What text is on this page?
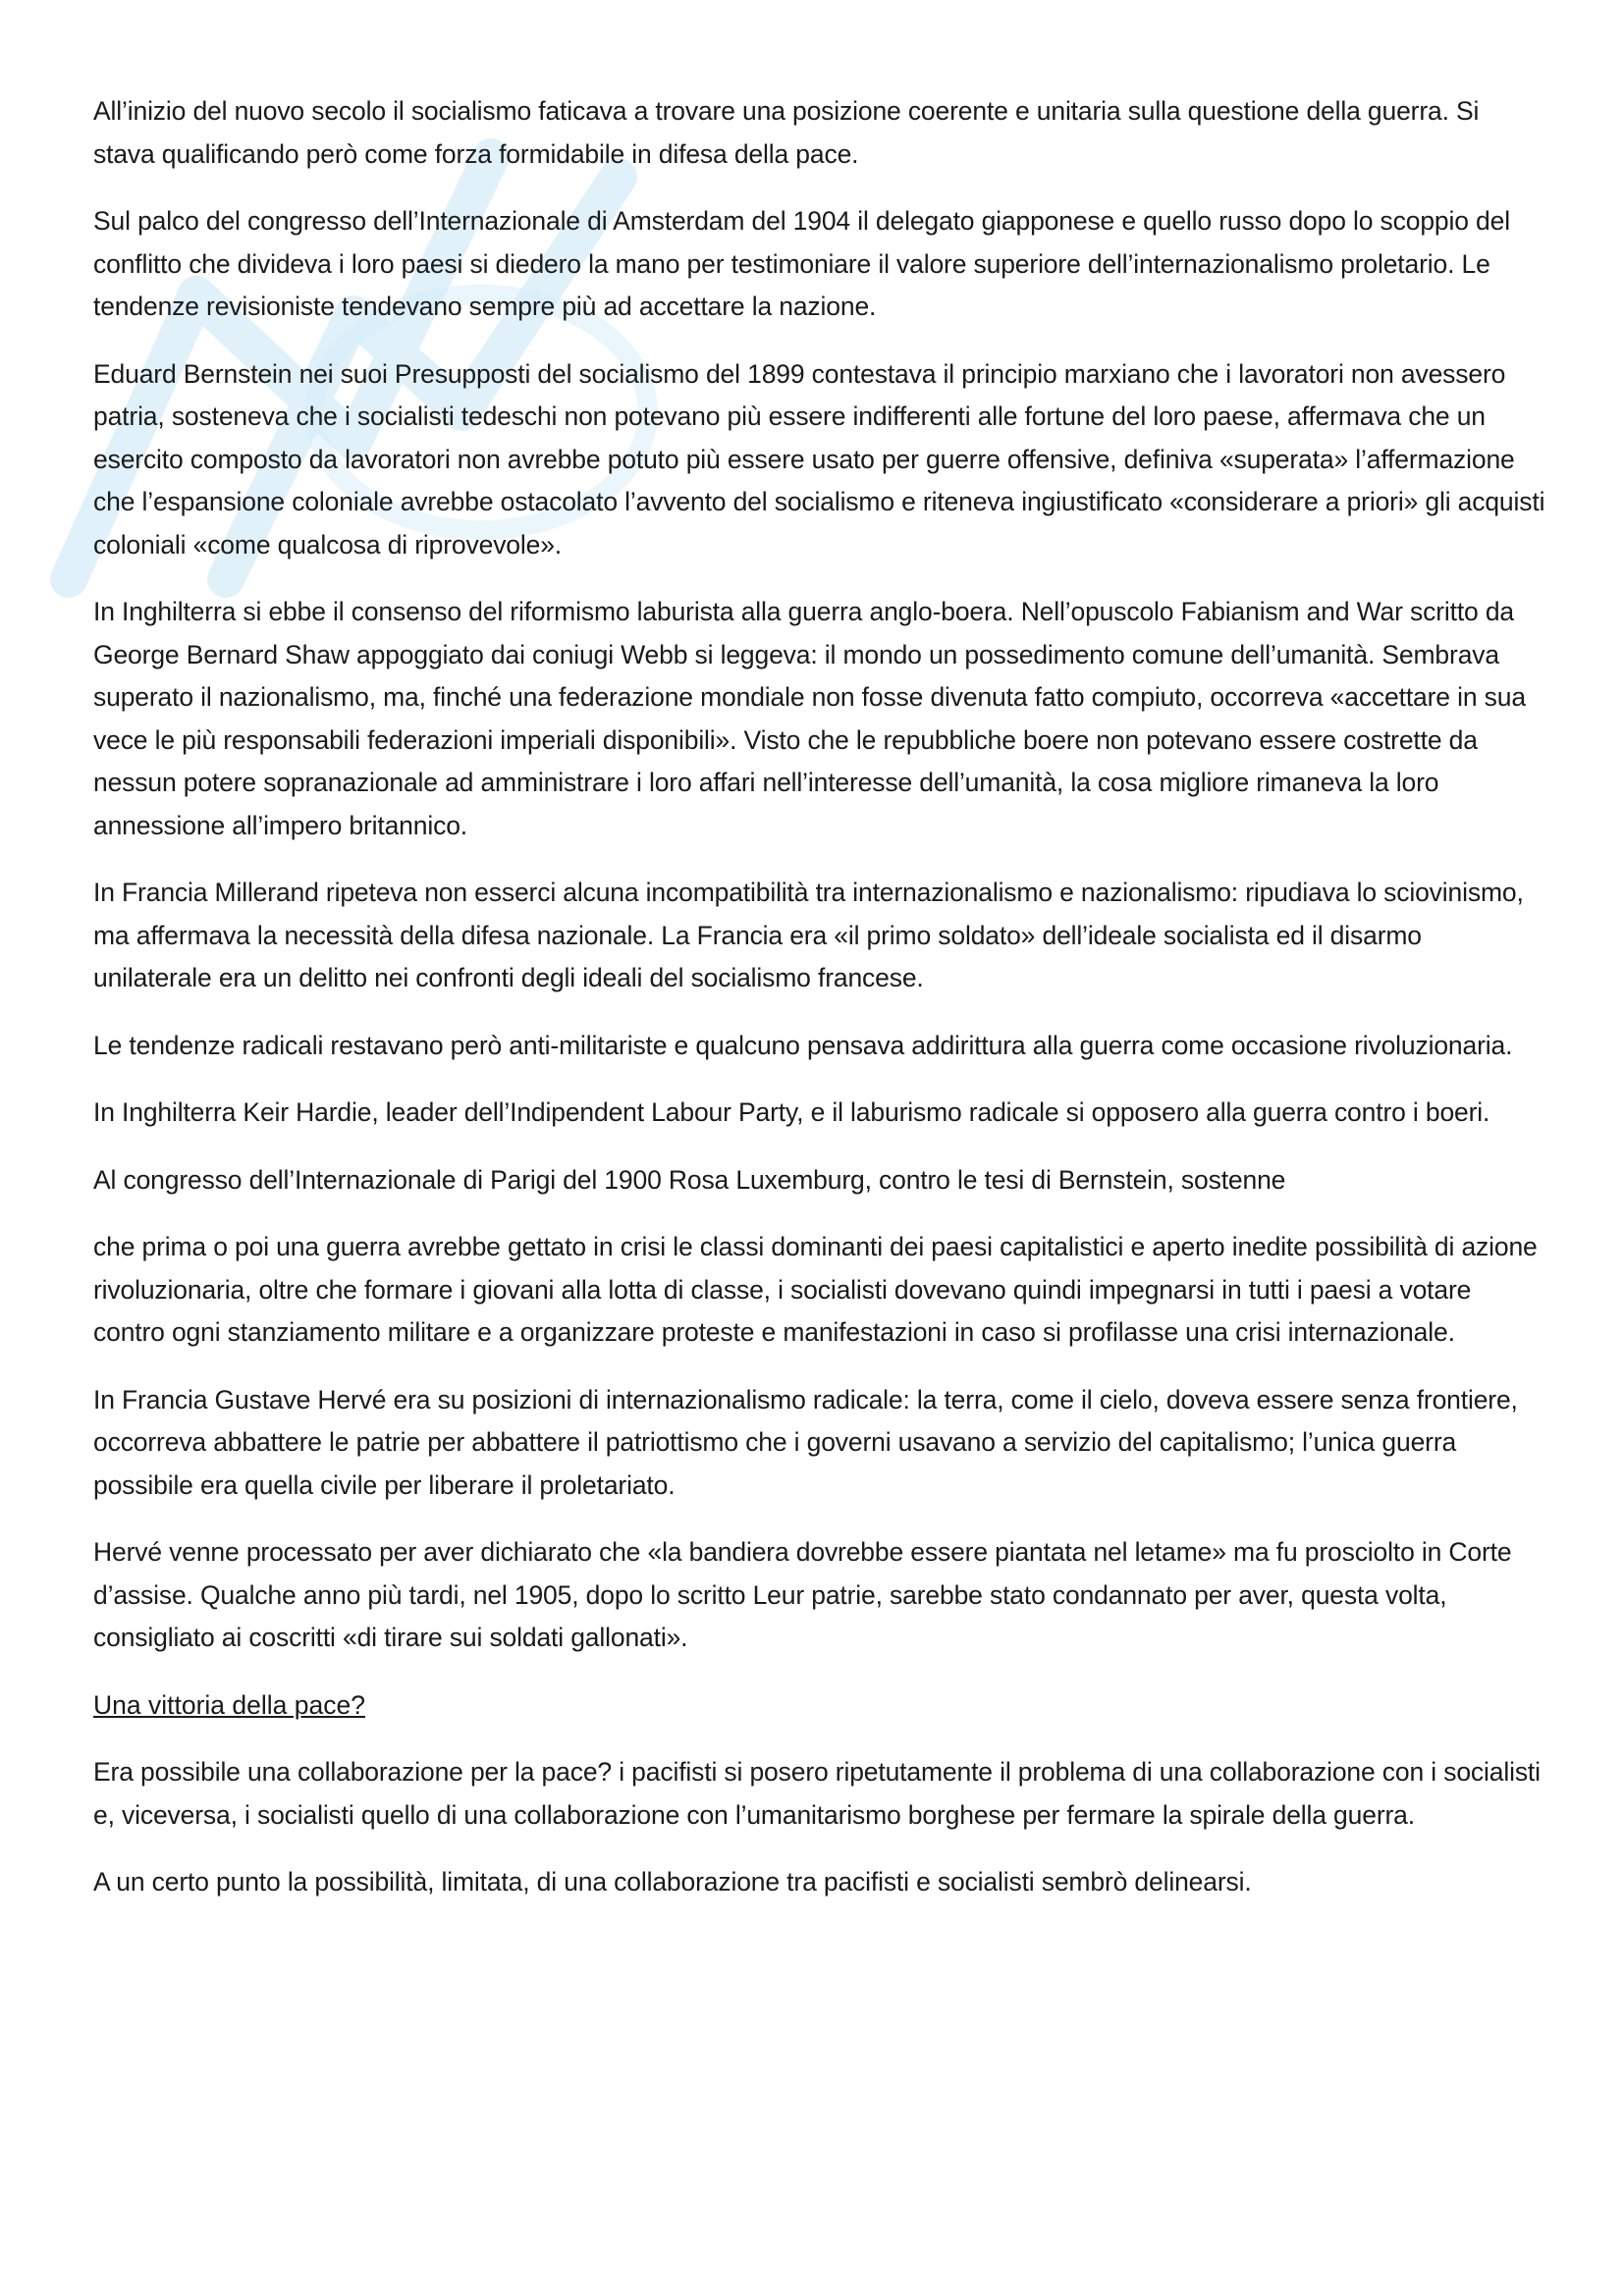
All’inizio del nuovo secolo il socialismo faticava a trovare una posizione coerente e unitaria sulla questione della guerra. Si stava qualificando però come forza formidabile in difesa della pace.

Sul palco del congresso dell’Internazionale di Amsterdam del 1904 il delegato giapponese e quello russo dopo lo scoppio del conflitto che divideva i loro paesi si diedero la mano per testimoniare il valore superiore dell’internazionalismo proletario. Le tendenze revisioniste tendevano sempre più ad accettare la nazione.

Eduard Bernstein nei suoi Presupposti del socialismo del 1899 contestava il principio marxiano che i lavoratori non avessero patria, sosteneva che i socialisti tedeschi non potevano più essere indifferenti alle fortune del loro paese, affermava che un esercito composto da lavoratori non avrebbe potuto più essere usato per guerre offensive, definiva «superata» l’affermazione che l’espansione coloniale avrebbe ostacolato l’avvento del socialismo e riteneva ingiustificato «considerare a priori» gli acquisti coloniali «come qualcosa di riprovevole».

In Inghilterra si ebbe il consenso del riformismo laburista alla guerra anglo-boera. Nell’opuscolo Fabianism and War scritto da George Bernard Shaw appoggiato dai coniugi Webb si leggeva: il mondo un possedimento comune dell’umanità. Sembrava superato il nazionalismo, ma, finché una federazione mondiale non fosse divenuta fatto compiuto, occorreva «accettare in sua vece le più responsabili federazioni imperiali disponibili». Visto che le repubbliche boere non potevano essere costrette da nessun potere sopranazionale ad amministrare i loro affari nell’interesse dell’umanità, la cosa migliore rimaneva la loro annessione all’impero britannico.

In Francia Millerand ripeteva non esserci alcuna incompatibilità tra internazionalismo e nazionalismo: ripudiava lo sciovinismo, ma affermava la necessità della difesa nazionale. La Francia era «il primo soldato» dell’ideale socialista ed il disarmo unilaterale era un delitto nei confronti degli ideali del socialismo francese.

Le tendenze radicali restavano però anti-militariste e qualcuno pensava addirittura alla guerra come occasione rivoluzionaria.

In Inghilterra Keir Hardie, leader dell’Indipendent Labour Party, e il laburismo radicale si opposero alla guerra contro i boeri.

Al congresso dell’Internazionale di Parigi del 1900 Rosa Luxemburg, contro le tesi di Bernstein, sostenne

che prima o poi una guerra avrebbe gettato in crisi le classi dominanti dei paesi capitalistici e aperto inedite possibilità di azione rivoluzionaria, oltre che formare i giovani alla lotta di classe, i socialisti dovevano quindi impegnarsi in tutti i paesi a votare contro ogni stanziamento militare e a organizzare proteste e manifestazioni in caso si profilasse una crisi internazionale.

In Francia Gustave Hervé era su posizioni di internazionalismo radicale: la terra, come il cielo, doveva essere senza frontiere, occorreva abbattere le patrie per abbattere il patriottismo che i governi usavano a servizio del capitalismo; l’unica guerra possibile era quella civile per liberare il proletariato.

Hervé venne processato per aver dichiarato che «la bandiera dovrebbe essere piantata nel letame» ma fu prosciolto in Corte d’assise. Qualche anno più tardi, nel 1905, dopo lo scritto Leur patrie, sarebbe stato condannato per aver, questa volta, consigliato ai coscritti «di tirare sui soldati gallonati».

Una vittoria della pace?

Era possibile una collaborazione per la pace? i pacifisti si posero ripetutamente il problema di una collaborazione con i socialisti e, viceversa, i socialisti quello di una collaborazione con l’umanitarismo borghese per fermare la spirale della guerra.

A un certo punto la possibilità, limitata, di una collaborazione tra pacifisti e socialisti sembrò delinearsi.
